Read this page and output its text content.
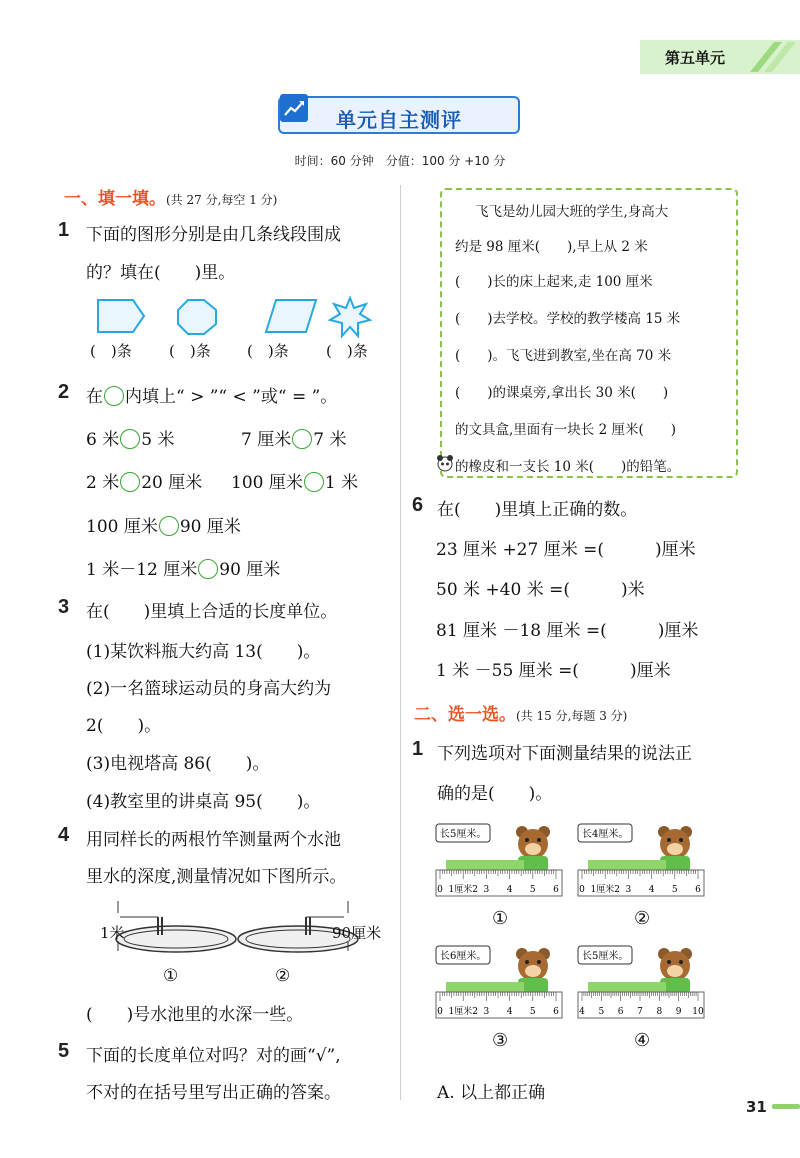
第五单元
单元自主测评
时间：60 分钟　分值：100 分 +10 分
一、填一填。(共 27 分,每空 1 分)
1 下面的图形分别是由几条线段围成
的？填在(　　)里。
(　)条 (　)条 (　)条 (　)条
2 在 内填上“ > ”“ < ”或“ = ”。
6 米 5 米	7 厘米 7 米
2 米 20 厘米 100 厘米 1 米
100 厘米 90 厘米
1 米－12 厘米 90 厘米
3 在(　　)里填上合适的长度单位。
(1)某饮料瓶大约高 13(　　)。
(2)一名篮球运动员的身高大约为
2(　　)。
(3)电视塔高 86(　　)。
(4)教室里的讲桌高 95(　　)。
4 用同样长的两根竹竿测量两个水池
里水的深度,测量情况如下图所示。
1米	90厘米
①	②
(　　)号水池里的水深一些。
5 下面的长度单位对吗？对的画“√”,
不对的在括号里写出正确的答案。
飞飞是幼儿园大班的学生,身高大
约是 98 厘米(　　),早上从 2 米
(　　)长的床上起来,走 100 厘米
(　　)去学校。学校的教学楼高 15 米
(　　)。飞飞进到教室,坐在高 70 米
(　　)的课桌旁,拿出长 30 米(　　)
的文具盒,里面有一块长 2 厘米(　　)
的橡皮和一支长 10 米(　　)的铅笔。
6 在(　　)里填上正确的数。
23 厘米 +27 厘米 =(　　　)厘米
50 米 +40 米 =(　　　)米
81 厘米 －18 厘米 =(　　　)厘米
1 米 －55 厘米 =(　　　)厘米
二、选一选。(共 15 分,每题 3 分)
1 下列选项对下面测量结果的说法正
确的是(　　)。
长5厘米。
0 1厘米2 3 4 5 6
①
长4厘米。
0 1厘米2 3 4 5 6
②
长6厘米。
0 1厘米2 3 4 5 6
③
长5厘米。
4 5 6 7 8 9 10
④
A. 以上都正确
31
